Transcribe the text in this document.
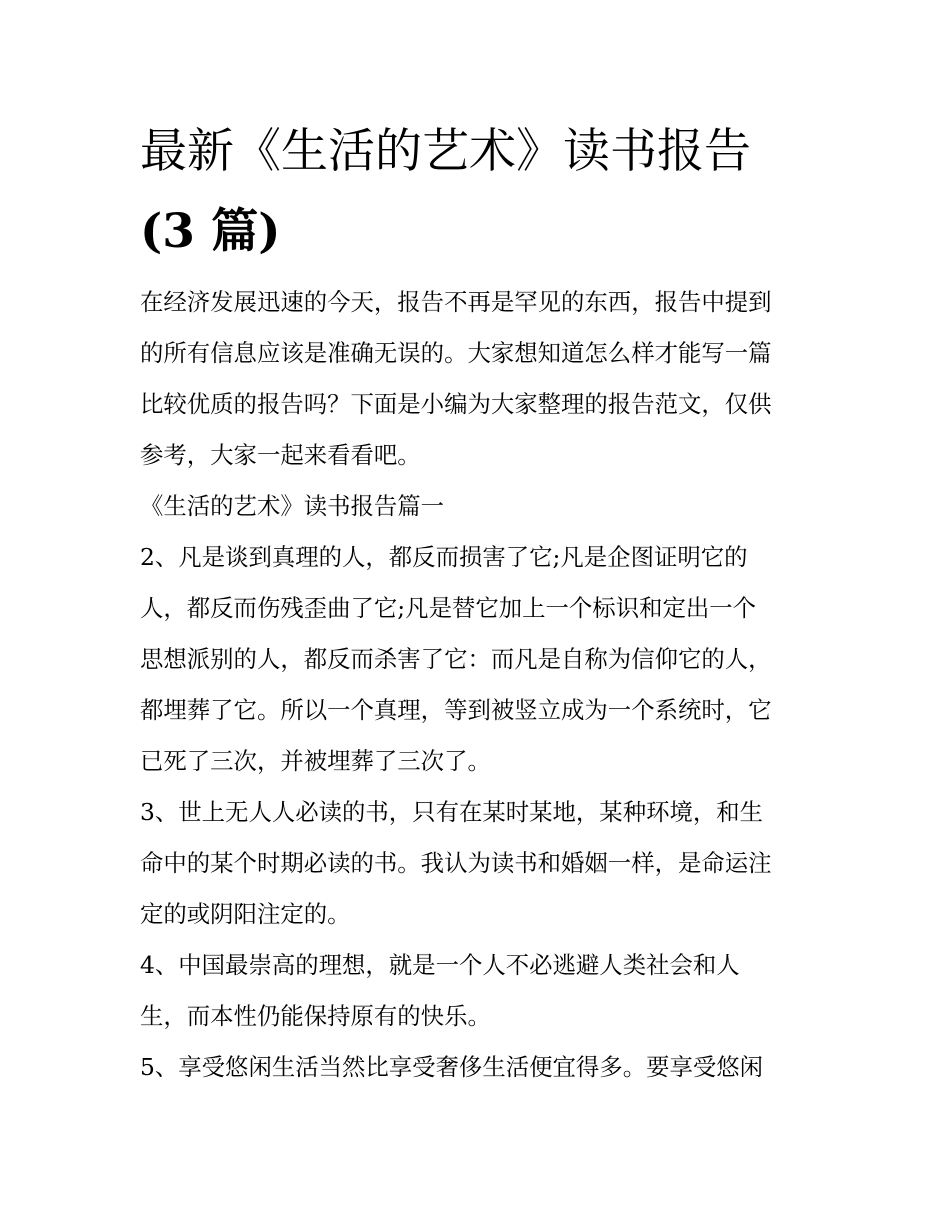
最新《生活的艺术》读书报告
(3 篇)

在经济发展迅速的今天，报告不再是罕见的东西，报告中提到
的所有信息应该是准确无误的。大家想知道怎么样才能写一篇
比较优质的报告吗？下面是小编为大家整理的报告范文，仅供
参考，大家一起来看看吧。

《生活的艺术》读书报告篇一

2、凡是谈到真理的人，都反而损害了它;凡是企图证明它的
人，都反而伤残歪曲了它;凡是替它加上一个标识和定出一个
思想派别的人，都反而杀害了它：而凡是自称为信仰它的人，
都埋葬了它。所以一个真理，等到被竖立成为一个系统时，它
已死了三次，并被埋葬了三次了。

3、世上无人人必读的书，只有在某时某地，某种环境，和生
命中的某个时期必读的书。我认为读书和婚姻一样，是命运注
定的或阴阳注定的。

4、中国最崇高的理想，就是一个人不必逃避人类社会和人
生，而本性仍能保持原有的快乐。

5、享受悠闲生活当然比享受奢侈生活便宜得多。要享受悠闲
